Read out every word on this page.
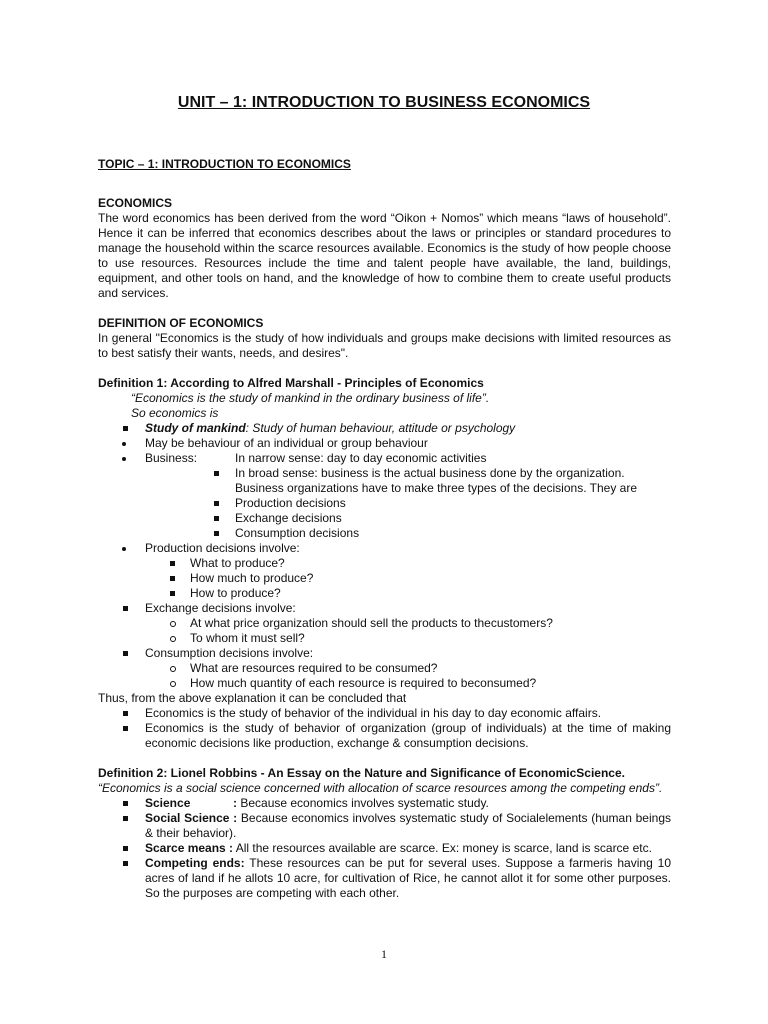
UNIT – 1: INTRODUCTION TO BUSINESS ECONOMICS
TOPIC – 1: INTRODUCTION TO ECONOMICS
ECONOMICS
The word economics has been derived from the word “Oikon + Nomos” which means “laws of household”. Hence it can be inferred that economics describes about the laws or principles or standard procedures to manage the household within the scarce resources available. Economics is the study of how people choose to use resources. Resources include the time and talent people have available, the land, buildings, equipment, and other tools on hand, and the knowledge of how to combine them to create useful products and services.
DEFINITION OF ECONOMICS
In general "Economics is the study of how individuals and groups make decisions with limited resources as to best satisfy their wants, needs, and desires".
Definition 1: According to Alfred Marshall - Principles of Economics
“Economics is the study of mankind in the ordinary business of life”.
So economics is
Study of mankind: Study of human behaviour, attitude or psychology
May be behaviour of an individual or group behaviour
Business:	In narrow sense: day to day economic activities
In broad sense: business is the actual business done by the organization.
Business organizations have to make three types of the decisions. They are
Production decisions
Exchange decisions
Consumption decisions
Production decisions involve:
What to produce?
How much to produce?
How to produce?
Exchange decisions involve:
At what price organization should sell the products to thecustomers?
To whom it must sell?
Consumption decisions involve:
What are resources required to be consumed?
How much quantity of each resource is required to beconsumed?
Thus, from the above explanation it can be concluded that
Economics is the study of behavior of the individual in his day to day economic affairs.
Economics is the study of behavior of organization (group of individuals) at the time of making economic decisions like production, exchange & consumption decisions.
Definition 2: Lionel Robbins - An Essay on the Nature and Significance of EconomicScience.
“Economics is a social science concerned with allocation of scarce resources among the competing ends”.
Science	: Because economics involves systematic study.
Social Science : Because economics involves systematic study of Socialelements (human beings & their behavior).
Scarce means : All the resources available are scarce. Ex: money is scarce, land is scarce etc.
Competing ends: These resources can be put for several uses. Suppose a farmeris having 10 acres of land if he allots 10 acre, for cultivation of Rice, he cannot allot it for some other purposes. So the purposes are competing with each other.
1
